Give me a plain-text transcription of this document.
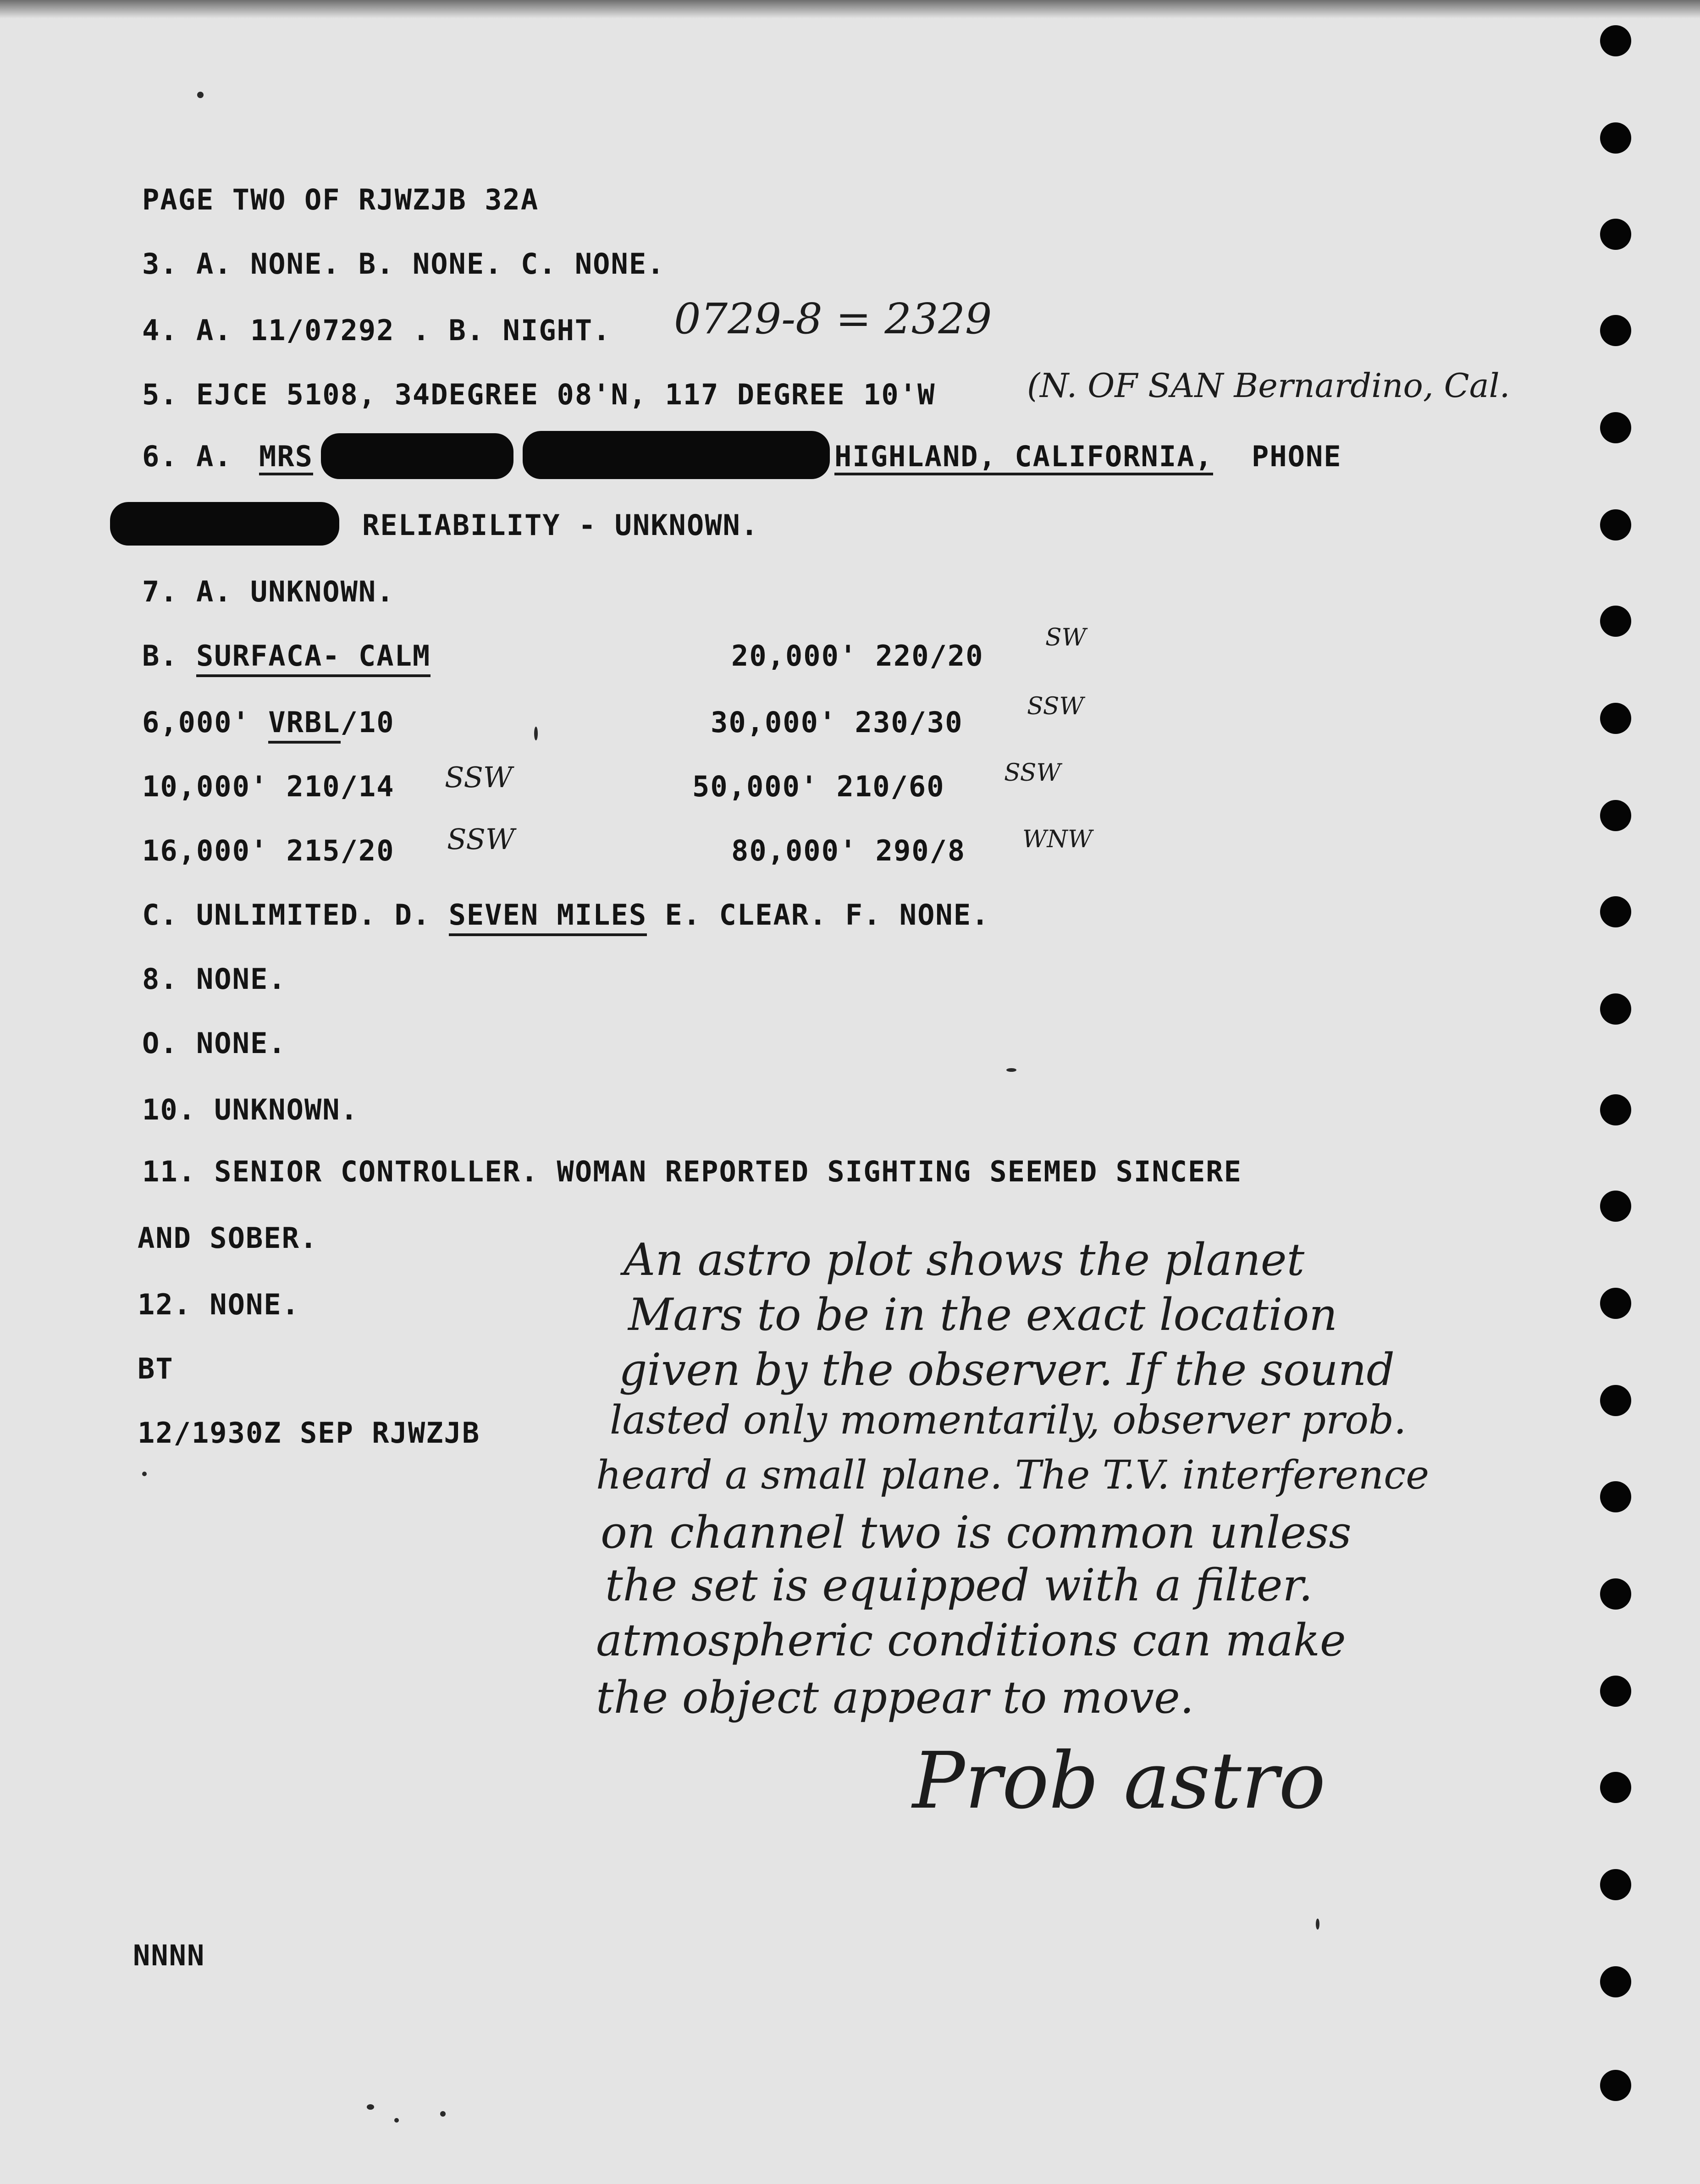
PAGE TWO OF RJWZJB 32A
3. A. NONE. B. NONE. C. NONE.
4. A. 11/07292 . B. NIGHT.
5. EJCE 5108, 34DEGREE 08'N, 117 DEGREE 10'W
6. A. MRS	HIGHLAND, CALIFORNIA, PHONE
RELIABILITY - UNKNOWN.
7. A. UNKNOWN.
B. SURFACA- CALM	20,000' 220/20
6,000' VRBL/10	30,000' 230/30
10,000' 210/14	50,000' 210/60
16,000' 215/20	80,000' 290/8
C. UNLIMITED. D. SEVEN MILES E. CLEAR. F. NONE.
8. NONE.
O. NONE.
10. UNKNOWN.
11. SENIOR CONTROLLER. WOMAN REPORTED SIGHTING SEEMED SINCERE
AND SOBER.
12. NONE.
BT
12/1930Z SEP RJWZJB
NNNN
0729-8 = 2329
(N. OF SAN Bernardino, Cal.
SW
SSW
SSW	SSW
SSW	WNW
An astro plot shows the planet
Mars to be in the exact location
given by the observer. If the sound
lasted only momentarily, observer prob.
heard a small plane. The T.V. interference
on channel two is common unless
the set is equipped with a filter.
atmospheric conditions can make
the object appear to move.
Prob astro
